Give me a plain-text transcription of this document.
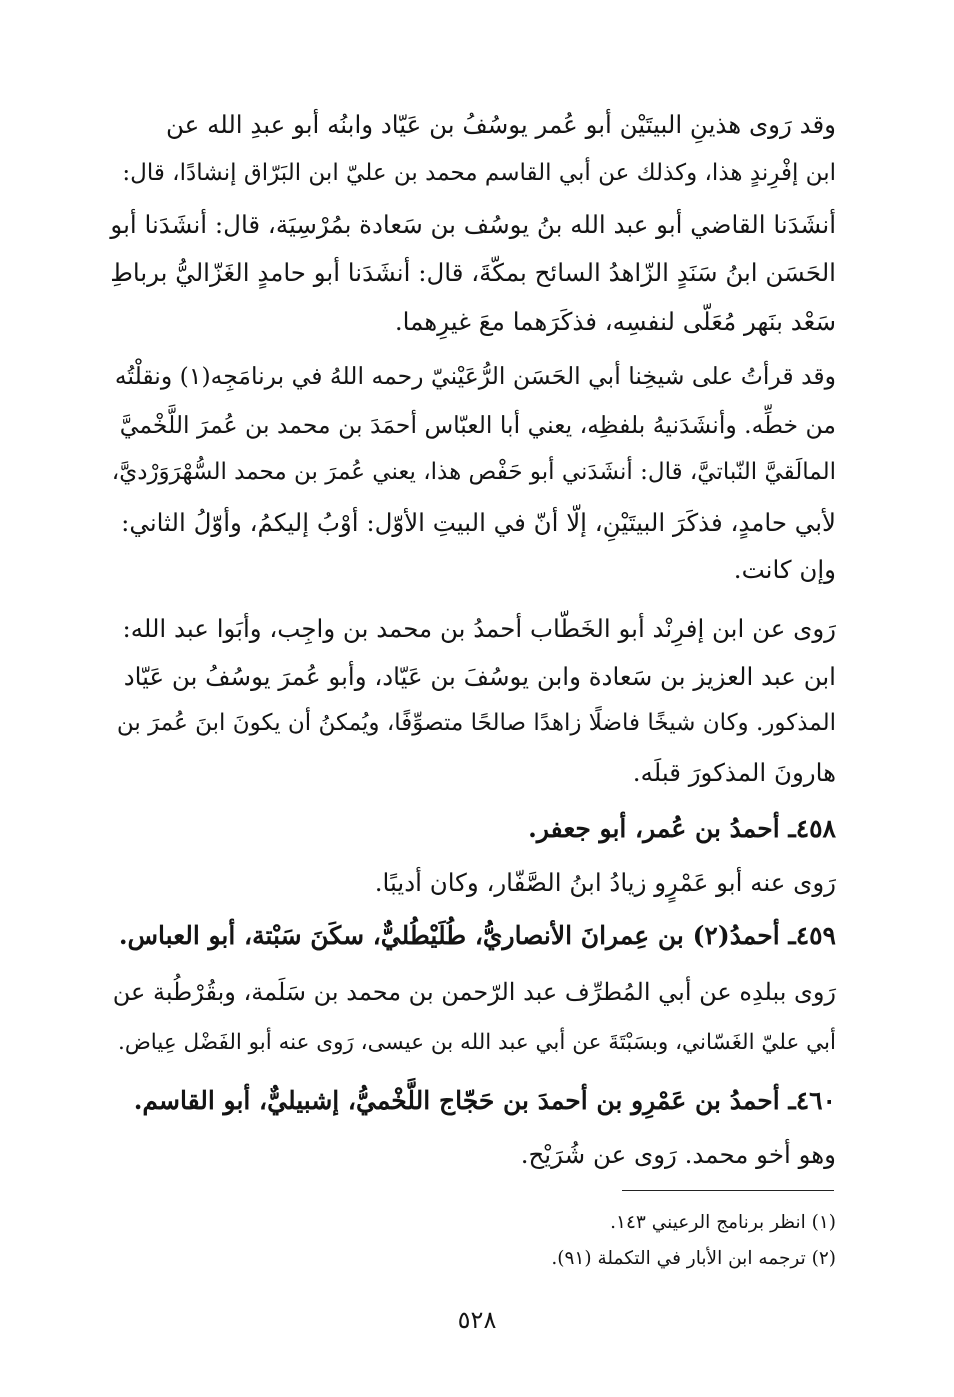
وقد رَوى هذينِ البيتَيْن أبو عُمر يوسُفُ بن عَيّاد وابنُه أبو عبدِ الله عن
ابن إفْرِندٍ هذا، وكذلك عن أبي القاسم محمد بن عليّ ابن البَرّاق إنشادًا، قال:
أنشَدَنا القاضي أبو عبد الله بنُ يوسُف بن سَعادة بمُرْسِيَة، قال: أنشَدَنا أبو
الحَسَن ابنُ سَنَدٍ الزّاهدُ السائح بمكّةَ، قال: أنشَدَنا أبو حامدٍ الغَزّاليُّ برباطِ
سَعْد بنَهر مُعَلّى لنفسِه، فذكَرَهما معَ غيرِهما.
وقد قرأتُ على شيخِنا أبي الحَسَن الرُّعَيْنيّ رحمه اللهُ في برنامَجِه(١) ونقلْتُه
من خطِّه. وأنشَدَنيهُ بلفظِه، يعني أبا العبّاس أحمَدَ بن محمد بن عُمرَ اللَّخْميَّ
المالَقيَّ النّباتيَّ، قال: أنشَدَني أبو حَفْص هذا، يعني عُمرَ بن محمد السُّهْرَوَرْديَّ،
لأبي حامدٍ، فذكَرَ البيتَيْنِ، إلّا أنّ في البيتِ الأوّل: أوْبُ إليكمُ، وأوّلُ الثاني:
وإن كانت.
رَوى عن ابن إفرِنْد أبو الخَطّاب أحمدُ بن محمد بن واجِب، وأبَوا عبد الله:
ابن عبد العزيز بن سَعادة وابن يوسُفَ بن عَيّاد، وأبو عُمرَ يوسُفُ بن عَيّاد
المذكور. وكان شيخًا فاضلًا زاهدًا صالحًا متصوِّفًا، ويُمكنُ أن يكونَ ابنَ عُمرَ بن
هارونَ المذكورَ قبلَه.
٤٥٨ـ أحمدُ بن عُمر، أبو جعفر.
رَوى عنه أبو عَمْرٍو زيادُ ابنُ الصَّفّار، وكان أديبًا.
٤٥٩ـ أحمدُ(٢) بن عِمرانَ الأنصاريُّ، طُلَيْطُليٌّ، سكَنَ سَبْتة، أبو العباس.
رَوى ببلدِه عن أبي المُطرِّف عبد الرّحمن بن محمد بن سَلَمة، وبقُرْطُبة عن
أبي عليّ الغَسّاني، وبسَبْتَةَ عن أبي عبد الله بن عيسى، رَوى عنه أبو الفَضْل عِياض.
٤٦٠ـ أحمدُ بن عَمْرِو بن أحمدَ بن حَجّاج اللَّخْميُّ، إشبيليٌّ، أبو القاسم.
وهو أخو محمد. رَوى عن شُرَيْح.
(١) انظر برنامج الرعيني ١٤٣.
(٢) ترجمه ابن الأبار في التكملة (٩١).
٥٢٨
